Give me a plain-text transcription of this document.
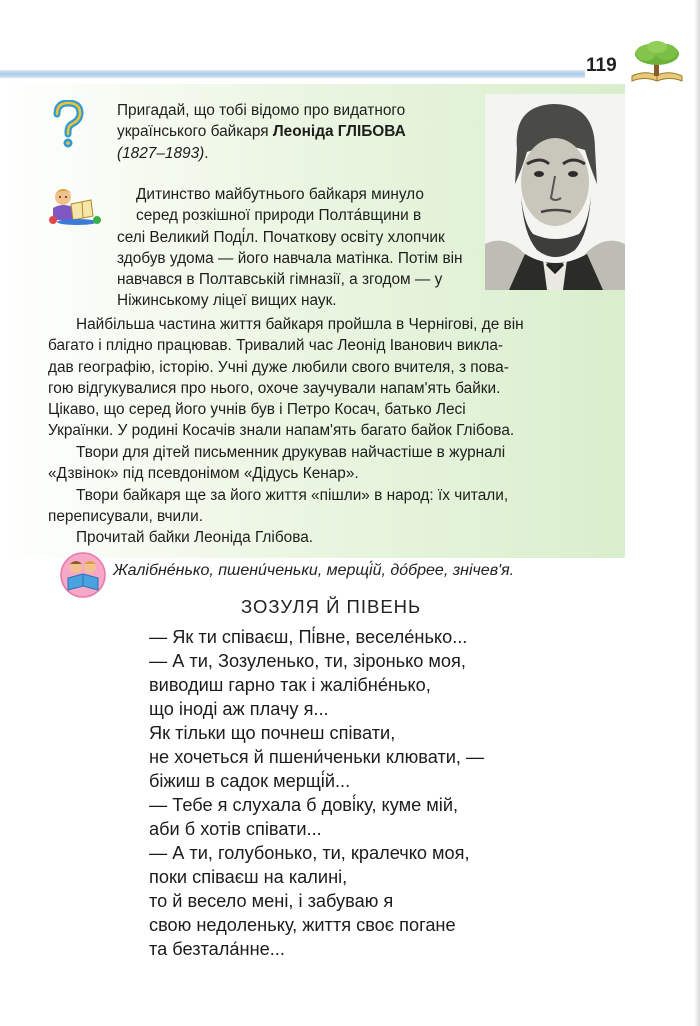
119
Пригадай, що тобі відомо про видатного українського байкаря Леоніда ГЛІБОВА
(1827–1893).
Дитинство майбутнього байкаря минуло
серед розкішної природи Полта́вщини в
селі Великий Поді́л. Початкову освіту хлопчик
здобув удома — його навчала матінка. Потім він
навчався в Полтавській гімназії, а згодом — у
Ніжинському ліцеї вищих наук.
Найбільша частина життя байкаря пройшла в Чернігові, де він
багато і плідно працював. Тривалий час Леонід Іванович виклa-
дав географію, історію. Учні дуже любили свого вчителя, з пова-
гою відгукувалися про нього, охоче заучували напам'ять байки.
Цікаво, що серед його учнів був і Петро Косач, батько Лесі
Українки. У родині Косачів знали напам'ять багато байок Глібова.
Твори для дітей письменник друкував найчастіше в журналі
«Дзвінок» під псевдонімом «Дідусь Кенар».
Твори байкаря ще за його життя «пішли» в народ: їх читали,
переписували, вчили.
Прочитай байки Леоніда Глібова.
Жалібне́нько, пшени́ченьки, мерщі́й, до́брее, знічев'я.
ЗОЗУЛЯ Й ПІВЕНЬ
— Як ти співаєш, Пі́вне, веселе́нько...
— А ти, Зозуленько, ти, зіронько моя,
виводиш гарно так і жалібне́нько,
що іноді аж плачу я...
Як тільки що почнеш співати,
не хочеться й пшени́ченьки клювати, —
біжиш в садок мерщі́й...
— Тебе я слухала б дові́ку, куме мій,
аби б хотів співати...
— А ти, голубонько, ти, кралечко моя,
поки співаєш на калині,
то й весело мені, і забуваю я
свою недоленьку, життя своє погане
та безтала́нне...
